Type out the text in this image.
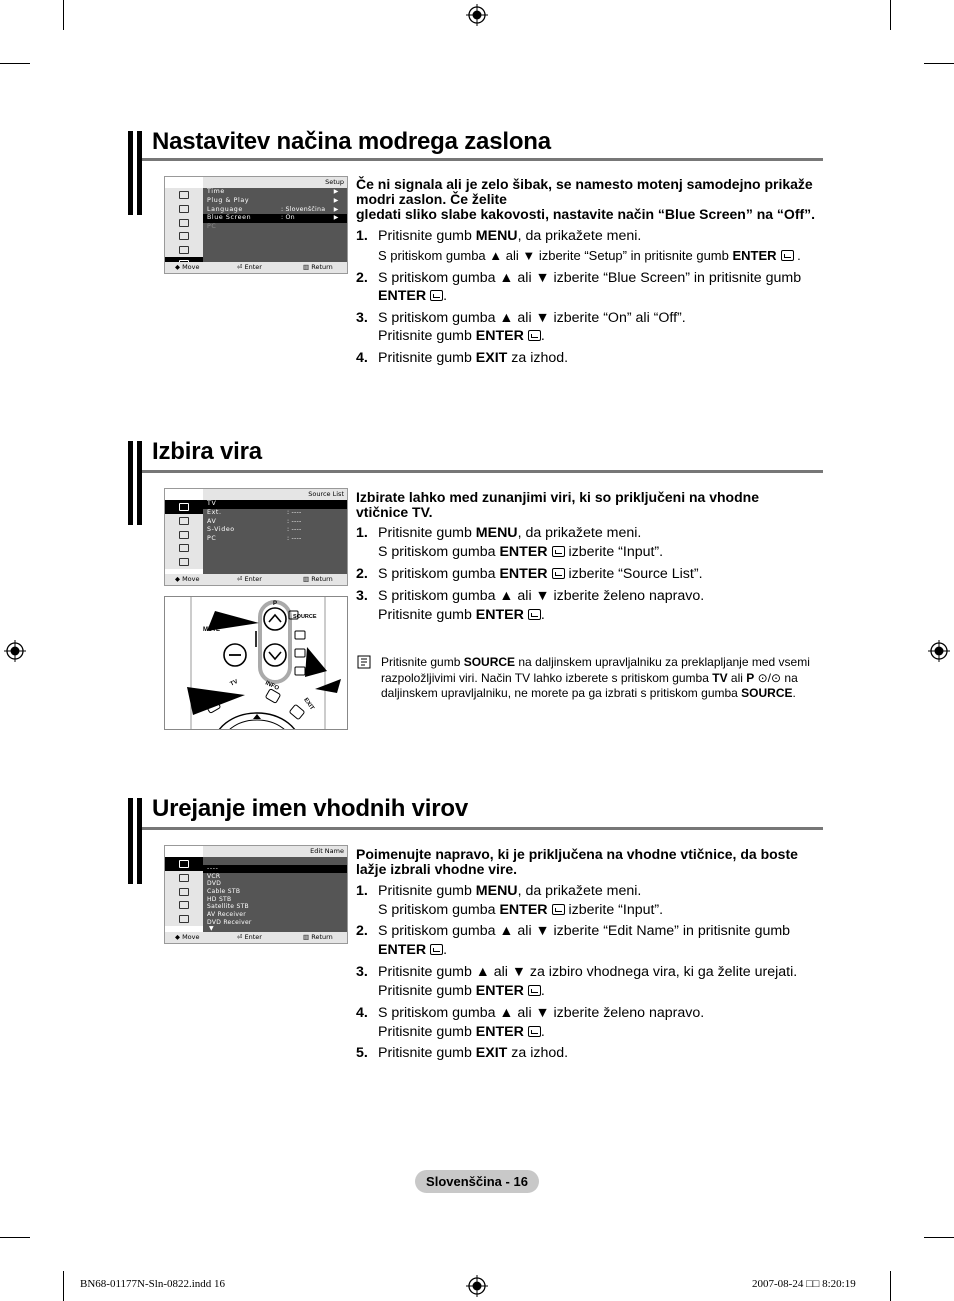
Nastavitev načina modrega zaslona
Setup
Time	▶
Plug & Play	▶
Language	: Slovenščina ▶
Blue Screen	: On	▶
PC
◆ Move	⏎ Enter	▥ Return
Če ni signala ali je zelo šibak, se namesto motenj samodejno prikaže
modri zaslon. Če želite
gledati sliko slabe kakovosti, nastavite način “Blue Screen” na “Off”.
1. Pritisnite gumb MENU, da prikažete meni.
S pritiskom gumba ▲ ali ▼ izberite “Setup” in pritisnite gumb ENTER .
2. S pritiskom gumba ▲ ali ▼ izberite “Blue Screen” in pritisnite gumb
ENTER .
3. S pritiskom gumba ▲ ali ▼ izberite “On” ali “Off”.
Pritisnite gumb ENTER .
4. Pritisnite gumb EXIT za izhod.
Izbira vira
Source List
TV
Ext.	: ----
AV	: ----
S-Video	: ----
PC	: ----
◆ Move	⏎ Enter	▥ Return
MUTE
SOURCE
TV	INFO
EXIT
P
Izbirate lahko med zunanjimi viri, ki so priključeni na vhodne
vtičnice TV.
1. Pritisnite gumb MENU, da prikažete meni.
S pritiskom gumba ENTER izberite “Input”.
2. S pritiskom gumba ENTER izberite “Source List”.
3. S pritiskom gumba ▲ ali ▼ izberite želeno napravo.
Pritisnite gumb ENTER .
Pritisnite gumb SOURCE na daljinskem upravljalniku za preklapljanje med vsemi razpoložljivimi viri. Način TV lahko izberete s pritiskom gumba TV ali P ⊙/⊙ na daljinskem upravljalniku, ne morete pa ga izbrati s pritiskom gumba SOURCE.
Urejanje imen vhodnih virov
Edit Name
----
VCR
DVD
Cable STB
HD STB
Satellite STB
AV Receiver
DVD Receiver
▼
◆ Move	⏎ Enter	▥ Return
Poimenujte napravo, ki je priključena na vhodne vtičnice, da boste
lažje izbrali vhodne vire.
1. Pritisnite gumb MENU, da prikažete meni.
S pritiskom gumba ENTER izberite “Input”.
2. S pritiskom gumba ▲ ali ▼ izberite “Edit Name” in pritisnite gumb
ENTER .
3. Pritisnite gumb ▲ ali ▼ za izbiro vhodnega vira, ki ga želite urejati.
Pritisnite gumb ENTER .
4. S pritiskom gumba ▲ ali ▼ izberite želeno napravo.
Pritisnite gumb ENTER .
5. Pritisnite gumb EXIT za izhod.
Slovenščina - 16
BN68-01177N-Sln-0822.indd 16	2007-08-24 □□ 8:20:19
